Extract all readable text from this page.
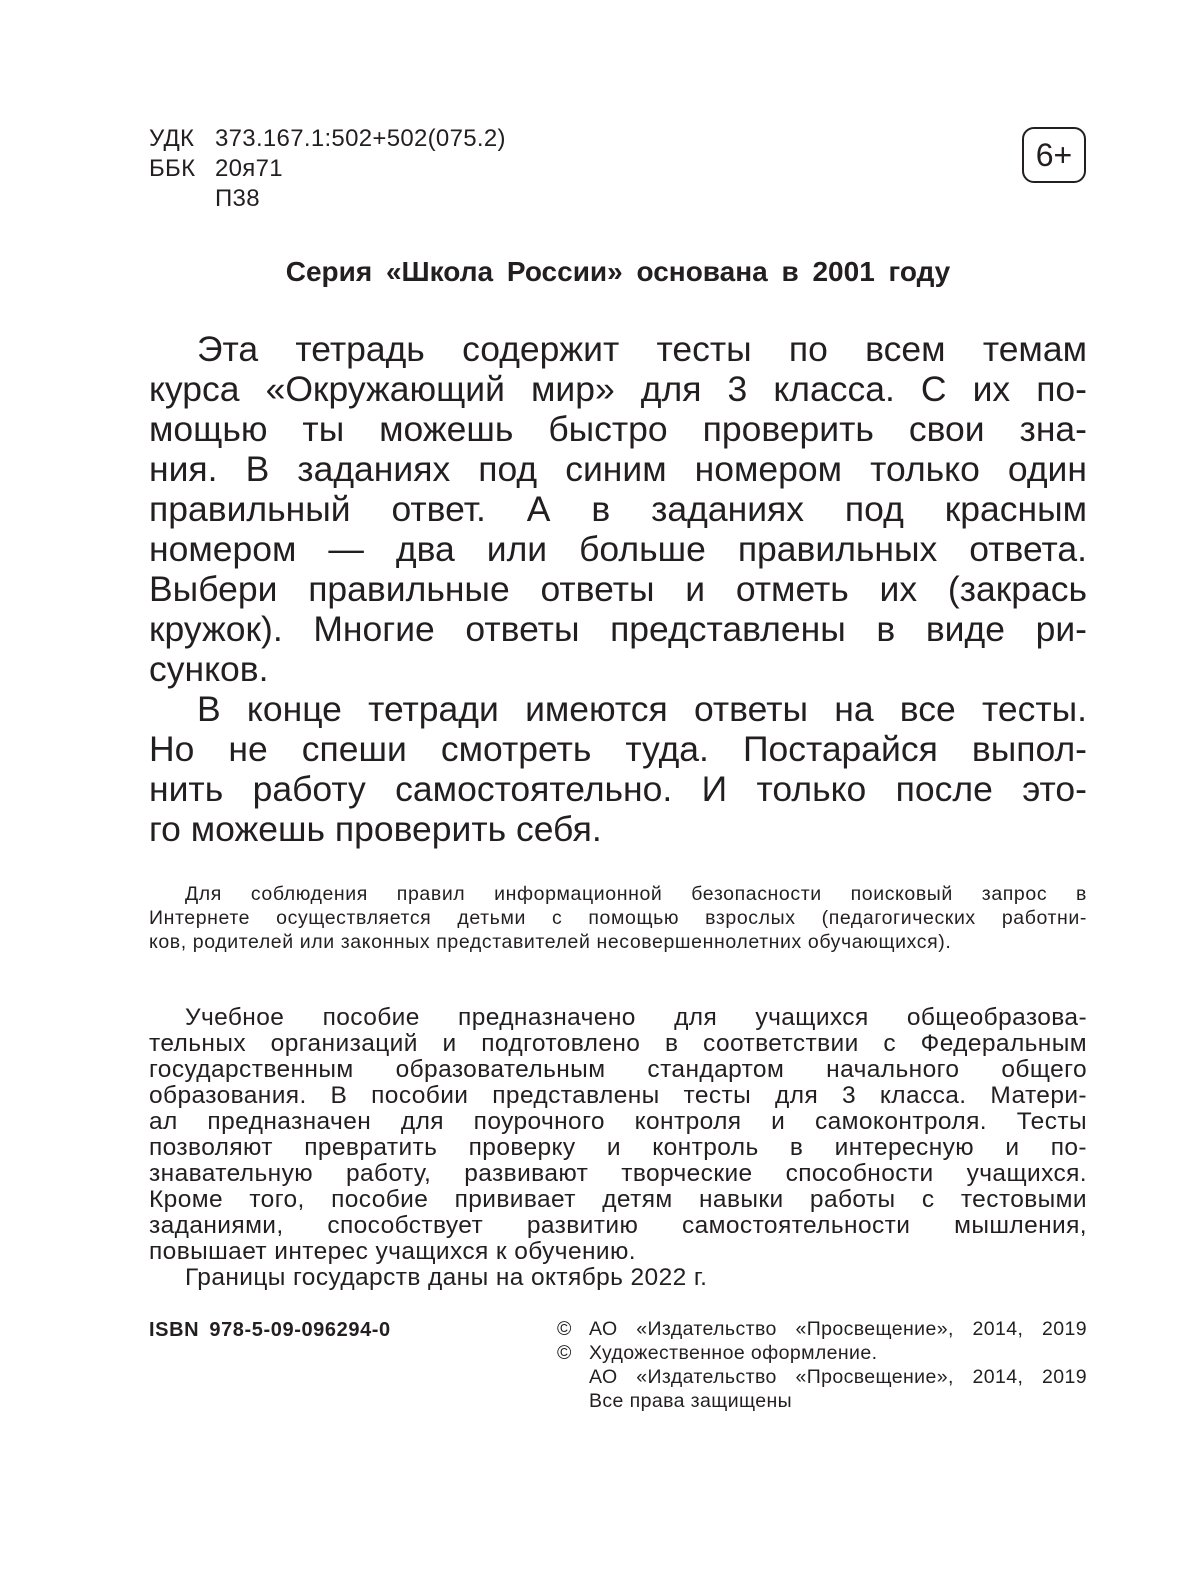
УДК 373.167.1:502+502(075.2)
ББК 20я71
П38
6+
Серия «Школа России» основана в 2001 году
Эта тетрадь содержит тесты по всем темам
курса «Окружающий мир» для 3 класса. С их по-
мощью ты можешь быстро проверить свои зна-
ния. В заданиях под синим номером только один
правильный ответ. А в заданиях под красным
номером — два или больше правильных ответа.
Выбери правильные ответы и отметь их (закрась
кружок). Многие ответы представлены в виде ри-
сунков.
В конце тетради имеются ответы на все тесты.
Но не спеши смотреть туда. Постарайся выпол-
нить работу самостоятельно. И только после это-
го можешь проверить себя.
Для соблюдения правил информационной безопасности поисковый запрос в
Интернете осуществляется детьми с помощью взрослых (педагогических работни-
ков, родителей или законных представителей несовершеннолетних обучающихся).
Учебное пособие предназначено для учащихся общеобразова-
тельных организаций и подготовлено в соответствии с Федеральным
государственным образовательным стандартом начального общего
образования. В пособии представлены тесты для 3 класса. Матери-
ал предназначен для поурочного контроля и самоконтроля. Тесты
позволяют превратить проверку и контроль в интересную и по-
знавательную работу, развивают творческие способности учащихся.
Кроме того, пособие прививает детям навыки работы с тестовыми
заданиями, способствует развитию самостоятельности мышления,
повышает интерес учащихся к обучению.
Границы государств даны на октябрь 2022 г.
ISBN 978-5-09-096294-0	© АО «Издательство «Просвещение», 2014, 2019
© Художественное оформление.
АО «Издательство «Просвещение», 2014, 2019
Все права защищены
